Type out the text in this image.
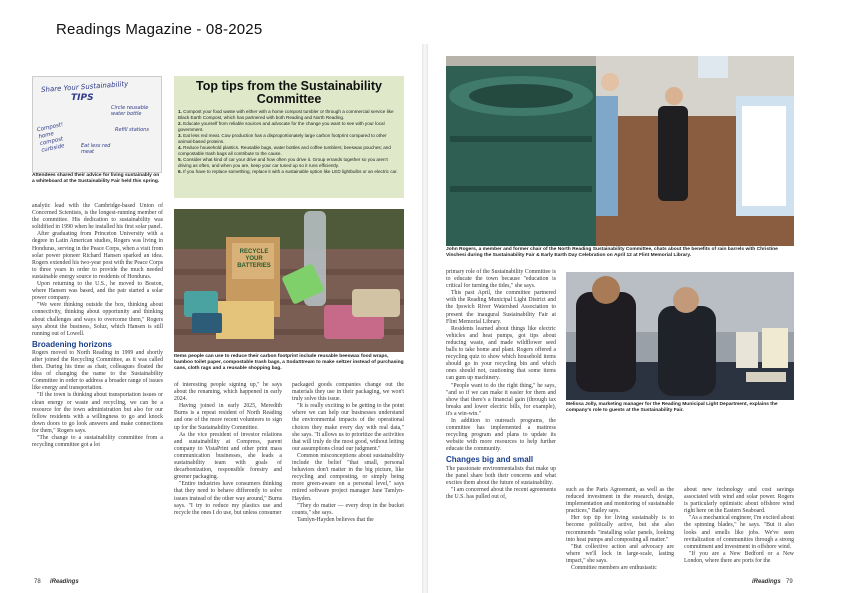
Readings Magazine - 08-2025
Share Your Sustainability
TIPS
Compost! home compost curbside
Circle reusable water bottle
Refill stations
Eat less red meat
Attendees shared their advice for living sustainably on a whiteboard at the Sustainability Fair held this spring.
Top tips from the Sustainability Committee
1. Compost your food waste with either with a home compost tumbler or through a commercial service like Black Earth Compost, which has partnered with both Reading and North Reading.
2. Educate yourself from reliable sources and advocate for the change you want to see with your local government.
3. Eat less red meat. Cow production has a disproportionately large carbon footprint compared to other animal-based proteins.
4. Reduce household plastics. Reusable bags, water bottles and coffee tumblers; beeswax pouches; and compostable trash bags all contribute to the cause.
5. Consider what kind of car your drive and how often you drive it. Group errands together so you aren't driving as often, and when you are, keep your car tuned up so it runs efficiently.
6. If you have to replace something, replace it with a sustainable option like LED lightbulbs or an electric car.
RECYCLE YOUR BATTERIES
Items people can use to reduce their carbon footprint include reusable beeswax food wraps, bamboo toilet paper, compostable trash bags, a SodaStream to make seltzer instead of purchasing cans, cloth rags and a reusable shopping bag.

analytic lead with the Cambridge-based Union of Concerned Scientists, is the longest-running member of the committee. His dedication to sustainability was solidified in 1990 when he installed his first solar panel.

After graduating from Princeton University with a degree in Latin American studies, Rogers was living in Honduras, serving in the Peace Corps, when a visit from solar power pioneer Richard Hansen sparked an idea. Rogers extended his two-year post with the Peace Corps to three years in order to provide the much needed sustainable energy source to residents of Honduras.

Upon returning to the U.S., he moved to Boston, where Hansen was based, and the pair started a solar power company.

"We were thinking outside the box, thinking about connectivity, thinking about opportunity and thinking about challenges and ways to overcome them," Rogers says about the business, Soluz, which Hansen is still running out of Lowell.

Broadening horizons

Rogers moved to North Reading in 1999 and shortly after joined the Recycling Committee, as it was called then. During his time as chair, colleagues floated the idea of changing the name to the Sustainability Committee in order to address a broader range of issues like energy and transportation.

"If the town is thinking about transportation issues or clean energy or waste and recycling, we can be a resource for the town administration but also for our fellow residents with a willingness to go and knock down doors to go look answers and make connections for them," Rogers says.

"The change to a sustainability committee from a recycling committee got a lot

of interesting people signing up," he says about the renaming, which happened in early 2024.

Having joined in early 2025, Meredith Burns is a repeat resident of North Reading and one of the more recent volunteers to sign up for the Sustainability Committee.

As the vice president of investor relations and sustainability at Compress, parent company to VistaPrint and other print mass communication businesses, she leads a sustainability team with goals of decarbonization, responsible forestry and greener packaging.

"Entire industries have consumers thinking that they need to behave differently to solve issues instead of the other way around," Burns says. "I try to reduce my plastics use and recycle the ones I do use, but unless consumer

packaged goods companies change out the materials they use in their packaging, we won't truly solve this issue.

"It is really exciting to be getting to the point where we can help our businesses understand the environmental impacts of the operational choices they make every day with real data," she says. "It allows us to prioritize the activities that will truly do the most good, without letting our assumptions cloud our judgment."

Common misconceptions about sustainability include the belief "that small, personal behaviors don't matter in the big picture, like recycling and composting, or simply being more green-aware on a personal level," says retired software project manager Jane Tamlyn-Hayden.

"They do matter — every drop in the bucket counts," she says.

Tamlyn-Hayden believes that the

78 iReadings
John Rogers, a member and former chair of the North Reading Sustainability Committee, chats about the benefits of rain barrels with Christine Vinchesi during the Sustainability Fair & Early Earth Day Celebration on April 12 at Flint Memorial Library.
Melissa Jolly, marketing manager for the Reading Municipal Light Department, explains the company's role to guests at the Sustainability Fair.

primary role of the Sustainability Committee is to educate the town because "education is critical for turning the tides," she says.

This past April, the committee partnered with the Reading Municipal Light District and the Ipswich River Watershed Association to present the inaugural Sustainability Fair at Flint Memorial Library.

Residents learned about things like electric vehicles and heat pumps, got tips about reducing waste, and made wildflower seed balls to take home and plant. Rogers offered a recycling quiz to show which household items should go in your recycling bin and which ones should not, cautioning that some items can gum up machinery.

"People want to do the right thing," he says, "and so if we can make it easier for them and show that there's a financial gain (through tax breaks and lower electric bills, for example), it's a win-win."

In addition to outreach programs, the committee has implemented a mattress recycling program and plans to update its website with more resources to help further educate the community.

Changes big and small

The passionate environmentalists that make up the panel share both their concerns and what excites them about the future of sustainability.

"I am concerned about the recent agreements the U.S. has pulled out of,

such as the Paris Agreement, as well as the reduced investment in the research, design, implementation and monitoring of sustainable practices," Bailey says.

Her top tip for living sustainably is to become politically active, but she also recommends "installing solar panels, looking into heat pumps and composting all matter."

"But collective action and advocacy are where we'll lock in large-scale, lasting impact," she says.

Committee members are enthusiastic

about new technology and cost savings associated with wind and solar power. Rogers is particularly optimistic about offshore wind right here on the Eastern Seaboard.

"As a mechanical engineer, I'm excited about the spinning blades," he says. "But it also looks and smells like jobs. We've seen revitalization of communities through a strong commitment and investment in offshore wind.

"If you are a New Bedford or a New London, where there are ports for the

iReadings 79
